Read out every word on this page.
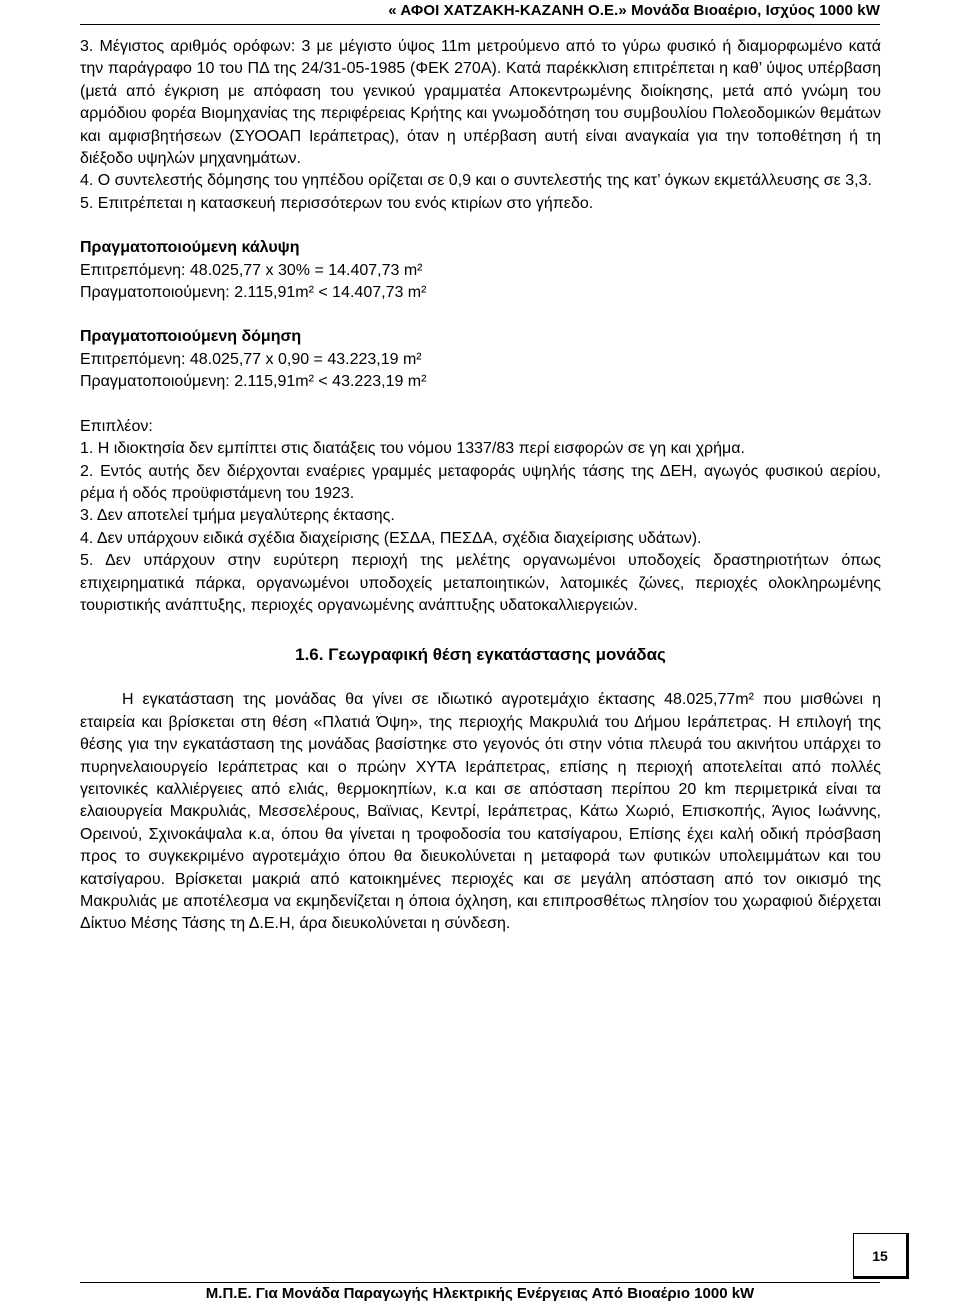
« ΑΦΟΙ ΧΑΤΖΑΚΗ-ΚΑΖΑΝΗ Ο.Ε.» Μονάδα Βιοαέριο, Ισχύος 1000 kW

3. Μέγιστος αριθμός ορόφων: 3 με μέγιστο ύψος 11m μετρούμενο από το γύρω φυσικό ή διαμορφωμένο κατά την παράγραφο 10 του ΠΔ της 24/31-05-1985 (ΦΕΚ 270Α). Κατά παρέκκλιση επιτρέπεται η καθ’ ύψος υπέρβαση (μετά από έγκριση με απόφαση του γενικού γραμματέα Αποκεντρωμένης διοίκησης, μετά από γνώμη του αρμόδιου φορέα Βιομηχανίας της περιφέρειας Κρήτης και γνωμοδότηση του συμβουλίου Πολεοδομικών θεμάτων και αμφισβητήσεων (ΣΥΟΟΑΠ Ιεράπετρας), όταν η υπέρβαση αυτή είναι αναγκαία για την τοποθέτηση ή τη διέξοδο υψηλών μηχανημάτων.

4. Ο συντελεστής δόμησης του γηπέδου ορίζεται σε 0,9 και ο συντελεστής της κατ’ όγκων εκμετάλλευσης σε 3,3.

5. Επιτρέπεται η κατασκευή περισσότερων του ενός κτιρίων στο γήπεδο.

Πραγματοποιούμενη κάλυψη

Επιτρεπόμενη: 48.025,77 x 30% = 14.407,73 m²

Πραγματοποιούμενη: 2.115,91m² < 14.407,73 m²

Πραγματοποιούμενη δόμηση

Επιτρεπόμενη: 48.025,77 x 0,90 = 43.223,19 m²

Πραγματοποιούμενη: 2.115,91m² < 43.223,19 m²

Επιπλέον:

1. Η ιδιοκτησία δεν εμπίπτει στις διατάξεις του νόμου 1337/83 περί εισφορών σε γη και χρήμα.

2. Εντός αυτής δεν διέρχονται εναέριες γραμμές μεταφοράς υψηλής τάσης της ΔΕΗ, αγωγός φυσικού αερίου, ρέμα ή οδός προϋφιστάμενη του 1923.

3. Δεν αποτελεί τμήμα μεγαλύτερης έκτασης.

4. Δεν υπάρχουν ειδικά σχέδια διαχείρισης (ΕΣΔΑ, ΠΕΣΔΑ, σχέδια διαχείρισης υδάτων).

5. Δεν υπάρχουν στην ευρύτερη περιοχή της μελέτης οργανωμένοι υποδοχείς δραστηριοτήτων όπως επιχειρηματικά πάρκα, οργανωμένοι υποδοχείς μεταποιητικών, λατομικές ζώνες, περιοχές ολοκληρωμένης τουριστικής ανάπτυξης, περιοχές οργανωμένης ανάπτυξης υδατοκαλλιεργειών.

1.6. Γεωγραφική θέση εγκατάστασης μονάδας

Η εγκατάσταση της μονάδας θα γίνει σε ιδιωτικό αγροτεμάχιο έκτασης 48.025,77m² που μισθώνει η εταιρεία και βρίσκεται στη θέση «Πλατιά Όψη», της περιοχής Μακρυλιά του Δήμου Ιεράπετρας. Η επιλογή της θέσης για την εγκατάσταση της μονάδας βασίστηκε στο γεγονός ότι στην νότια πλευρά του ακινήτου υπάρχει το πυρηνελαιουργείο Ιεράπετρας και ο πρώην ΧΥΤΑ Ιεράπετρας, επίσης η περιοχή αποτελείται από πολλές γειτονικές καλλιέργειες από ελιάς, θερμοκηπίων, κ.α και σε απόσταση περίπου 20 km περιμετρικά είναι τα ελαιουργεία Μακρυλιάς, Μεσσελέρους, Βαϊνιας, Κεντρί, Ιεράπετρας, Κάτω Χωριό, Επισκοπής, Άγιος Ιωάννης, Ορεινού, Σχινοκάψαλα κ.α, όπου θα γίνεται η τροφοδοσία του κατσίγαρου, Επίσης έχει καλή οδική πρόσβαση προς το συγκεκριμένο αγροτεμάχιο όπου θα διευκολύνεται η μεταφορά των φυτικών υπολειμμάτων και του κατσίγαρου. Βρίσκεται μακριά από κατοικημένες περιοχές και σε μεγάλη απόσταση από τον οικισμό της Μακρυλιάς με αποτέλεσμα να εκμηδενίζεται η όποια όχληση, και επιπροσθέτως πλησίον του χωραφιού διέρχεται Δίκτυο Μέσης Τάσης τη Δ.Ε.Η, άρα διευκολύνεται η σύνδεση.

15
Μ.Π.Ε. Για Μονάδα Παραγωγής Ηλεκτρικής Ενέργειας Από Βιοαέριο 1000 kW
